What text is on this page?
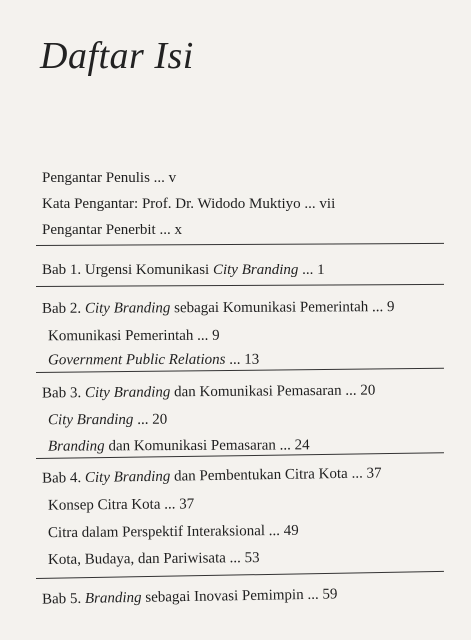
Daftar Isi
Pengantar Penulis ... v
Kata Pengantar: Prof. Dr. Widodo Muktiyo ... vii
Pengantar Penerbit ... x
Bab 1. Urgensi Komunikasi City Branding ... 1
Bab 2. City Branding sebagai Komunikasi Pemerintah ... 9
Komunikasi Pemerintah ... 9
Government Public Relations ... 13
Bab 3. City Branding dan Komunikasi Pemasaran ... 20
City Branding ... 20
Branding dan Komunikasi Pemasaran ... 24
Bab 4. City Branding dan Pembentukan Citra Kota ... 37
Konsep Citra Kota ... 37
Citra dalam Perspektif Interaksional ... 49
Kota, Budaya, dan Pariwisata ... 53
Bab 5. Branding sebagai Inovasi Pemimpin ... 59
